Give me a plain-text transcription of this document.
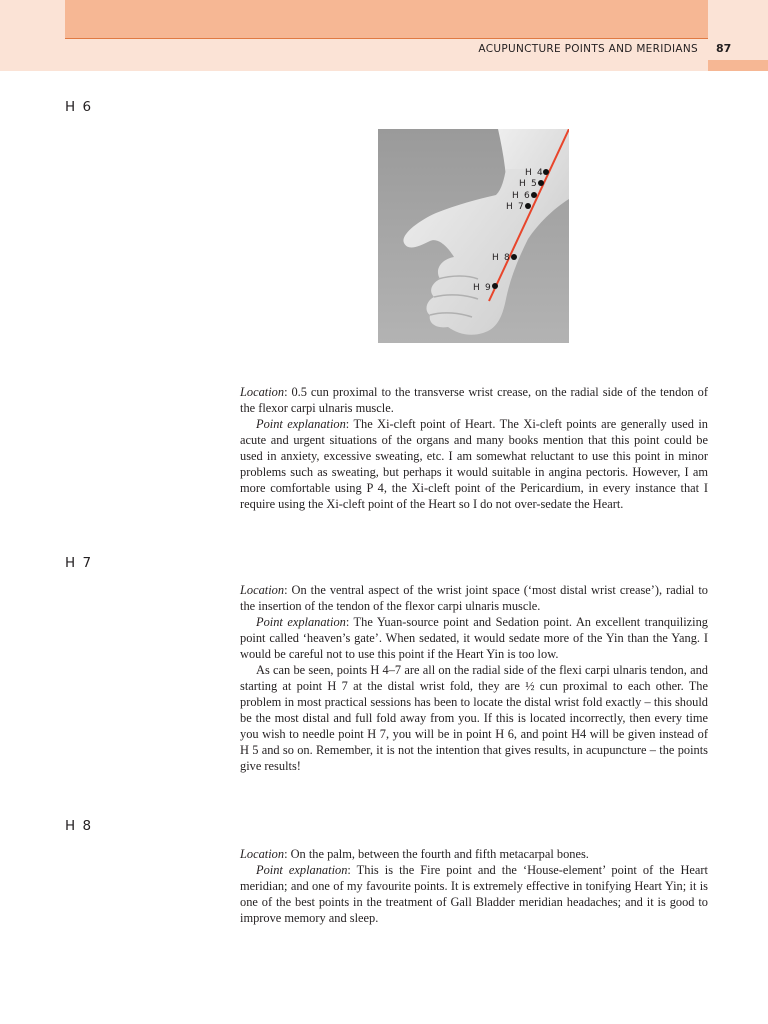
ACUPUNCTURE POINTS AND MERIDIANS 87
H 6
H 4
H 5
H 6
H 7
H 8
H 9

Location: 0.5 cun proximal to the transverse wrist crease, on the radial side of the tendon of the flexor carpi ulnaris muscle.

Point explanation: The Xi-cleft point of Heart. The Xi-cleft points are generally used in acute and urgent situations of the organs and many books mention that this point could be used in anxiety, excessive sweating, etc. I am somewhat reluctant to use this point in minor problems such as sweating, but perhaps it would suitable in angina pectoris. However, I am more comfortable using P 4, the Xi-cleft point of the Pericardium, in every instance that I require using the Xi-cleft point of the Heart so I do not over-sedate the Heart.

H 7

Location: On the ventral aspect of the wrist joint space (‘most distal wrist crease’), radial to the insertion of the tendon of the flexor carpi ulnaris muscle.

Point explanation: The Yuan-source point and Sedation point. An excellent tranquilizing point called ‘heaven’s gate’. When sedated, it would sedate more of the Yin than the Yang. I would be careful not to use this point if the Heart Yin is too low.

As can be seen, points H 4–7 are all on the radial side of the flexi carpi ulnaris tendon, and starting at point H 7 at the distal wrist fold, they are ½ cun proximal to each other. The problem in most practical sessions has been to locate the distal wrist fold exactly – this should be the most distal and full fold away from you. If this is located incorrectly, then every time you wish to needle point H 7, you will be in point H 6, and point H4 will be given instead of H 5 and so on. Remember, it is not the intention that gives results, in acupuncture – the points give results!

H 8

Location: On the palm, between the fourth and fifth metacarpal bones.

Point explanation: This is the Fire point and the ‘House-element’ point of the Heart meridian; and one of my favourite points. It is extremely effective in tonifying Heart Yin; it is one of the best points in the treatment of Gall Bladder meridian headaches; and it is good to improve memory and sleep.
